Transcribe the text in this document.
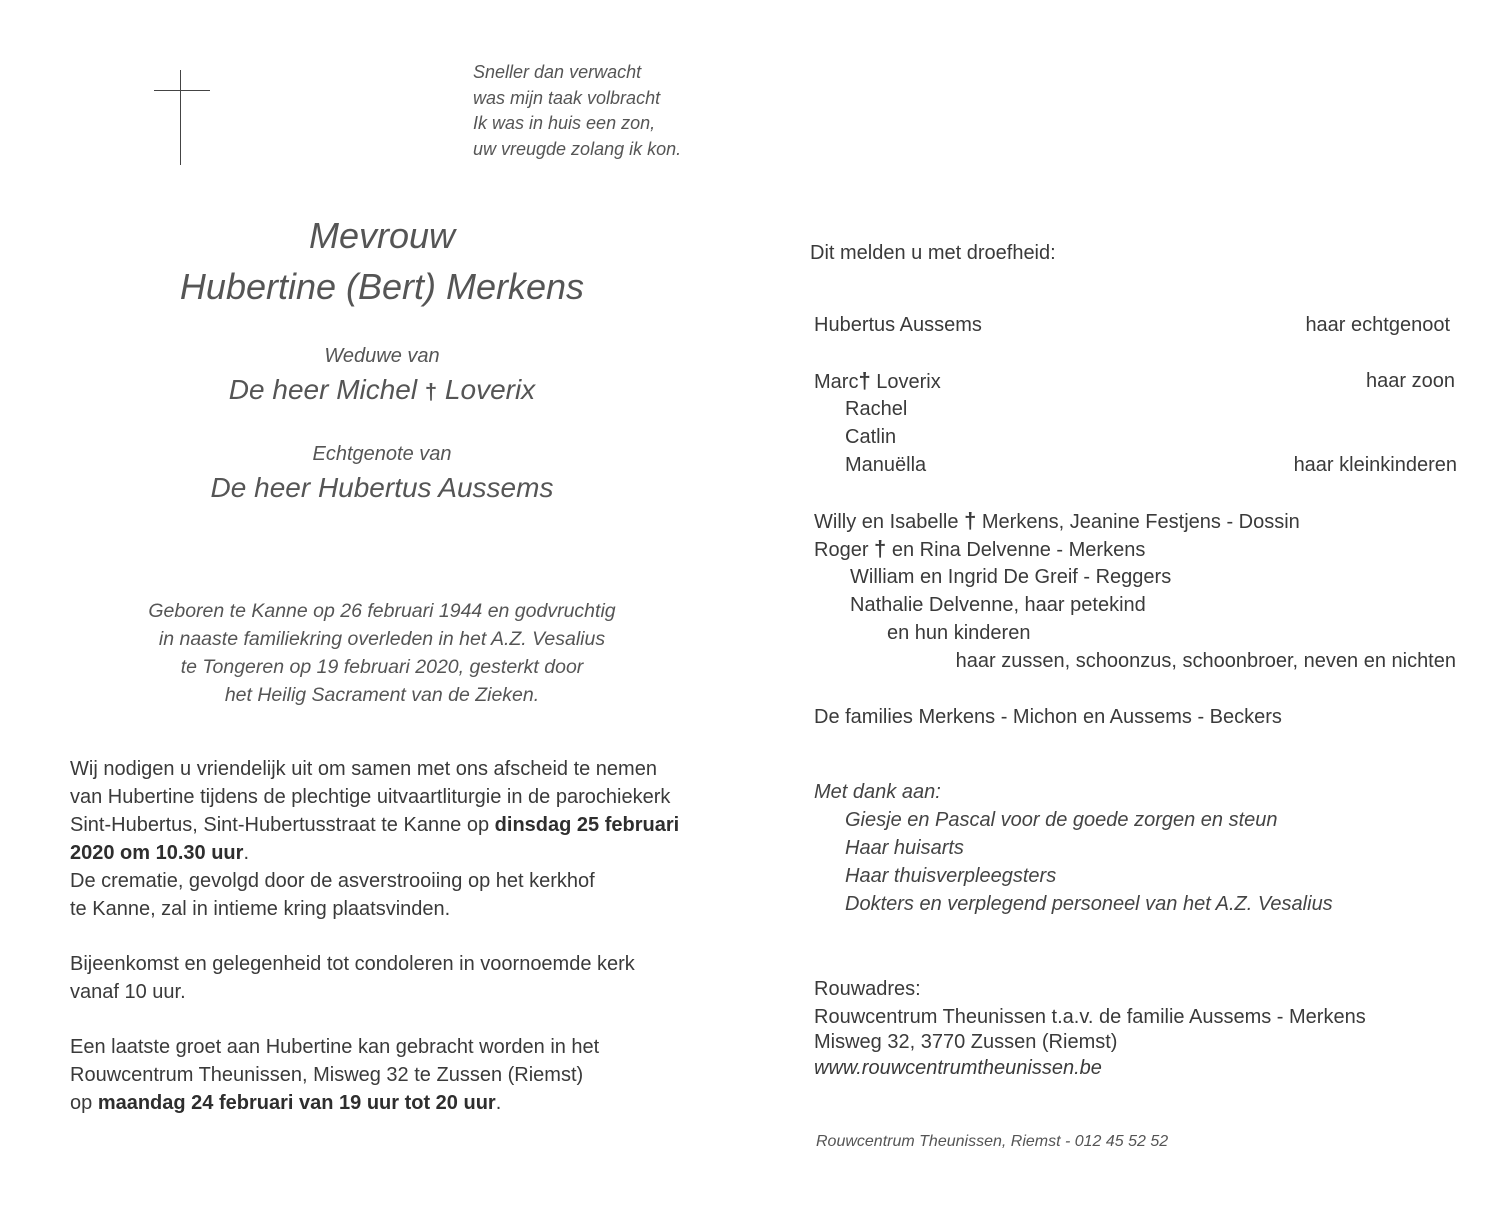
Sneller dan verwacht
was mijn taak volbracht
Ik was in huis een zon,
uw vreugde zolang ik kon.
Mevrouw
Hubertine (Bert) Merkens
Weduwe van
De heer Michel † Loverix
Echtgenote van
De heer Hubertus Aussems
Geboren te Kanne op 26 februari 1944 en godvruchtig
in naaste familiekring overleden in het A.Z. Vesalius
te Tongeren op 19 februari 2020, gesterkt door
het Heilig Sacrament van de Zieken.
Wij nodigen u vriendelijk uit om samen met ons afscheid te nemen
van Hubertine tijdens de plechtige uitvaartliturgie in de parochiekerk
Sint-Hubertus, Sint-Hubertusstraat te Kanne op dinsdag 25 februari
2020 om 10.30 uur.
De crematie, gevolgd door de asverstrooiing op het kerkhof
te Kanne, zal in intieme kring plaatsvinden.
Bijeenkomst en gelegenheid tot condoleren in voornoemde kerk
vanaf 10 uur.
Een laatste groet aan Hubertine kan gebracht worden in het
Rouwcentrum Theunissen, Misweg 32 te Zussen (Riemst)
op maandag 24 februari van 19 uur tot 20 uur.
Dit melden u met droefheid:
Hubertus Aussems	haar echtgenoot
Marc† Loverix	haar zoon
Rachel
Catlin
Manuëlla	haar kleinkinderen
Willy en Isabelle † Merkens, Jeanine Festjens - Dossin
Roger † en Rina Delvenne - Merkens
William en Ingrid De Greif - Reggers
Nathalie Delvenne, haar petekind
en hun kinderen
haar zussen, schoonzus, schoonbroer, neven en nichten
De families Merkens - Michon en Aussems - Beckers
Met dank aan:
Giesje en Pascal voor de goede zorgen en steun
Haar huisarts
Haar thuisverpleegsters
Dokters en verplegend personeel van het A.Z. Vesalius
Rouwadres:
Rouwcentrum Theunissen t.a.v. de familie Aussems - Merkens
Misweg 32, 3770 Zussen (Riemst)
www.rouwcentrumtheunissen.be
Rouwcentrum Theunissen, Riemst - 012 45 52 52
